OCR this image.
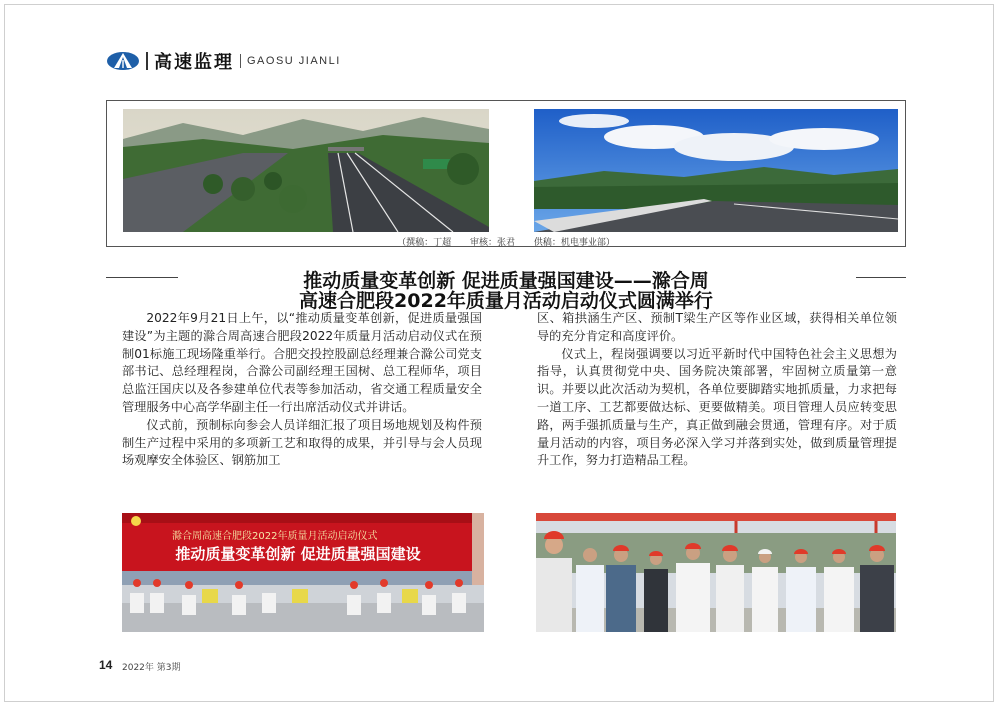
高速监理 GAOSU JIANLI
（撰稿：丁超 审核：张君 供稿：机电事业部）
推动质量变革创新 促进质量强国建设——滁合周
高速合肥段2022年质量月活动启动仪式圆满举行

2022年9月21日上午，以“推动质量变革创新，促进质量强国建设”为主题的滁合周高速合肥段2022年质量月活动启动仪式在预制01标施工现场隆重举行。合肥交投控股副总经理兼合滁公司党支部书记、总经理程岗，合滁公司副经理王国树、总工程师华，项目总监汪国庆以及各参建单位代表等参加活动，省交通工程质量安全管理服务中心高学华副主任一行出席活动仪式并讲话。

仪式前，预制标向参会人员详细汇报了项目场地规划及构件预制生产过程中采用的多项新工艺和取得的成果，并引导与会人员现场观摩安全体验区、钢筋加工

区、箱拱涵生产区、预制T梁生产区等作业区域，获得相关单位领导的充分肯定和高度评价。

仪式上，程岗强调要以习近平新时代中国特色社会主义思想为指导，认真贯彻党中央、国务院决策部署，牢固树立质量第一意识。并要以此次活动为契机，各单位要脚踏实地抓质量，力求把每一道工序、工艺都要做达标、更要做精美。项目管理人员应转变思路，两手强抓质量与生产，真正做到融会贯通，管理有序。对于质量月活动的内容，项目务必深入学习并落到实处，做到质量管理提升工作，努力打造精品工程。

滁合周高速合肥段2022年质量月活动启动仪式
推动质量变革创新 促进质量强国建设
14 2022年 第3期
